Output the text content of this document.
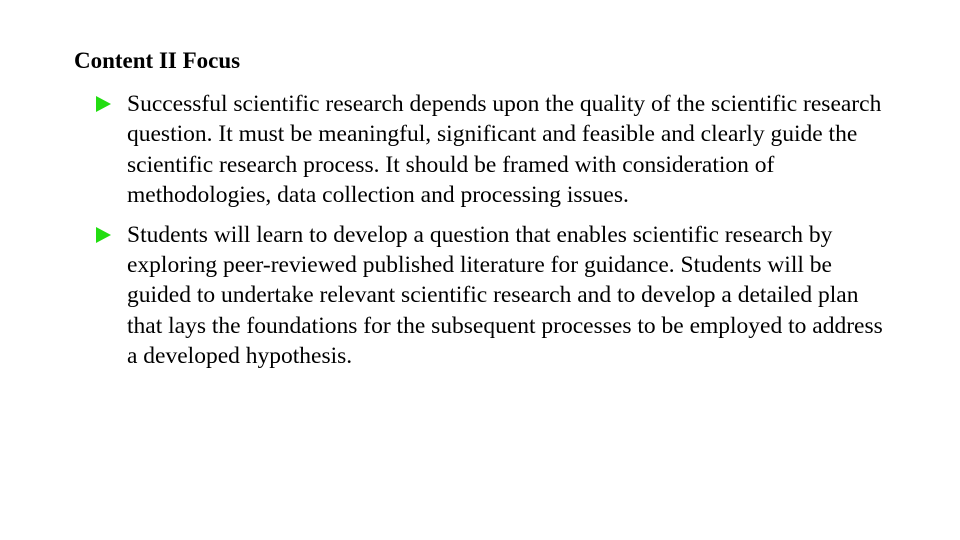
Content II Focus
Successful scientific research depends upon the quality of the scientific research question. It must be meaningful, significant and feasible and clearly guide the scientific research process. It should be framed with consideration of methodologies, data collection and processing issues.
Students will learn to develop a question that enables scientific research by exploring peer-reviewed published literature for guidance. Students will be guided to undertake relevant scientific research and to develop a detailed plan that lays the foundations for the subsequent processes to be employed to address a developed hypothesis.
